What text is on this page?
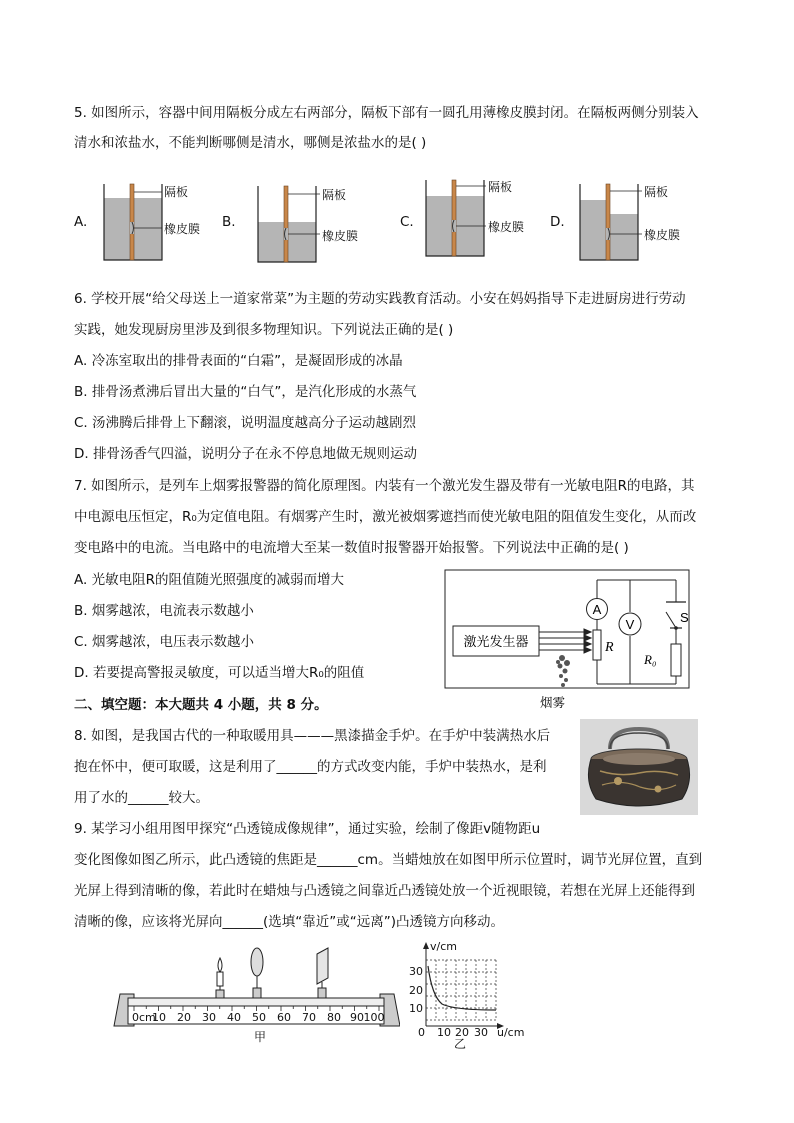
5. 如图所示，容器中间用隔板分成左右两部分，隔板下部有一圆孔用薄橡皮膜封闭。在隔板两侧分别装入
清水和浓盐水，不能判断哪侧是清水，哪侧是浓盐水的是( )
A.	B.	C.	D.
隔板
橡皮膜
隔板
橡皮膜
隔板
橡皮膜
隔板
橡皮膜
6. 学校开展“给父母送上一道家常菜”为主题的劳动实践教育活动。小安在妈妈指导下走进厨房进行劳动
实践，她发现厨房里涉及到很多物理知识。下列说法正确的是( )
A. 冷冻室取出的排骨表面的“白霜”，是凝固形成的冰晶
B. 排骨汤煮沸后冒出大量的“白气”，是汽化形成的水蒸气
C. 汤沸腾后排骨上下翻滚，说明温度越高分子运动越剧烈
D. 排骨汤香气四溢，说明分子在永不停息地做无规则运动
7. 如图所示，是列车上烟雾报警器的简化原理图。内装有一个激光发生器及带有一光敏电阻R的电路，其
中电源电压恒定，R₀为定值电阻。有烟雾产生时，激光被烟雾遮挡而使光敏电阻的阻值发生变化，从而改
变电路中的电流。当电路中的电流增大至某一数值时报警器开始报警。下列说法中正确的是( )
A. 光敏电阻R的阻值随光照强度的减弱而增大
B. 烟雾越浓，电流表示数越小
C. 烟雾越浓，电压表示数越小
D. 若要提高警报灵敏度，可以适当增大R₀的阻值
激光发生器
烟雾
A
R
V	S
R₀
二、填空题：本大题共 4 小题，共 8 分。
8. 如图，是我国古代的一种取暖用具———黑漆描金手炉。在手炉中装满热水后
抱在怀中，便可取暖，这是利用了______的方式改变内能，手炉中装热水，是利
用了水的______较大。
9. 某学习小组用图甲探究“凸透镜成像规律”，通过实验，绘制了像距v随物距u
变化图像如图乙所示，此凸透镜的焦距是______cm。当蜡烛放在如图甲所示位置时，调节光屏位置，直到
光屏上得到清晰的像，若此时在蜡烛与凸透镜之间靠近凸透镜处放一个近视眼镜，若想在光屏上还能得到
清晰的像，应该将光屏向______(选填“靠近”或“远离”)凸透镜方向移动。
0cm
10 20 30 40 50 60 70 80 90 100
甲
v/cm
u/cm
30
20
10
0 10 20 30
乙
